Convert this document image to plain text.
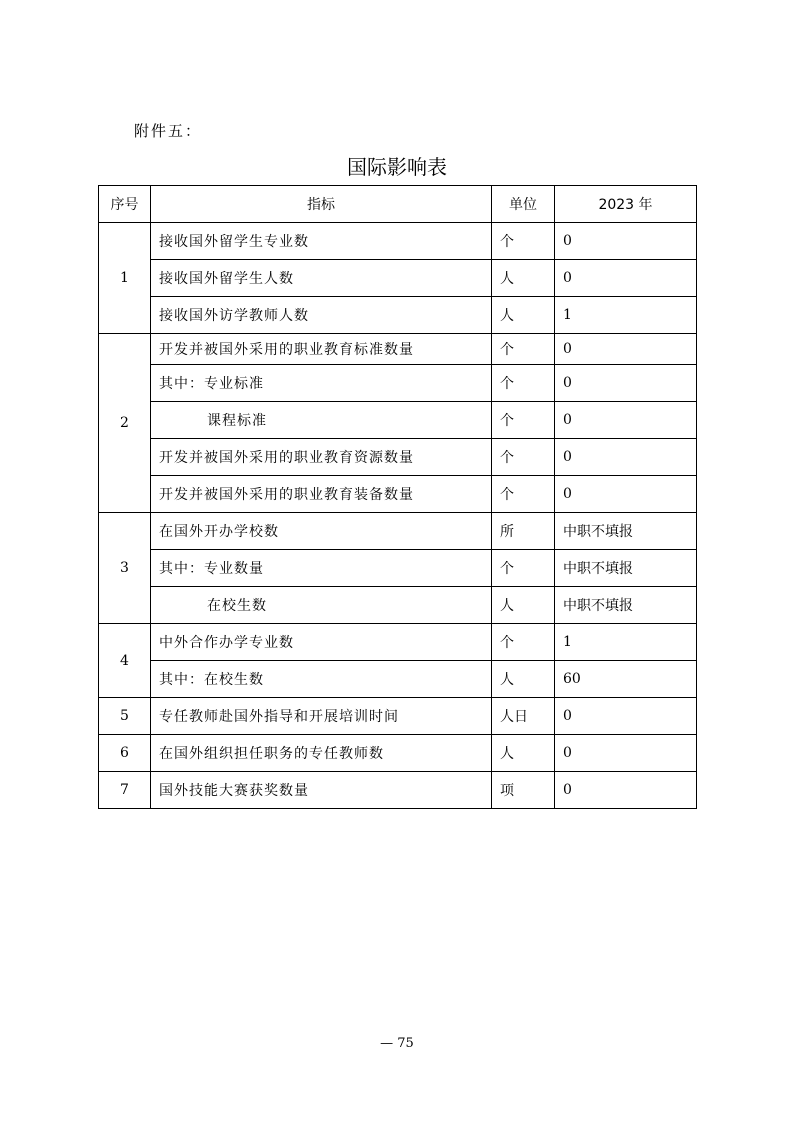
附件五：
国际影响表
序号	指标	单位	2023 年
1	接收国外留学生专业数	个	0
	接收国外留学生人数	人	0
	接收国外访学教师人数	人	1
2	开发并被国外采用的职业教育标准数量	个	0
	其中：专业标准	个	0
	课程标准	个	0
	开发并被国外采用的职业教育资源数量	个	0
	开发并被国外采用的职业教育装备数量	个	0
3	在国外开办学校数	所	中职不填报
	其中：专业数量	个	中职不填报
	在校生数	人	中职不填报
4	中外合作办学专业数	个	1
	其中：在校生数	人	60
5	专任教师赴国外指导和开展培训时间	人日	0
6	在国外组织担任职务的专任教师数	人	0
7	国外技能大赛获奖数量	项	0
— 75
